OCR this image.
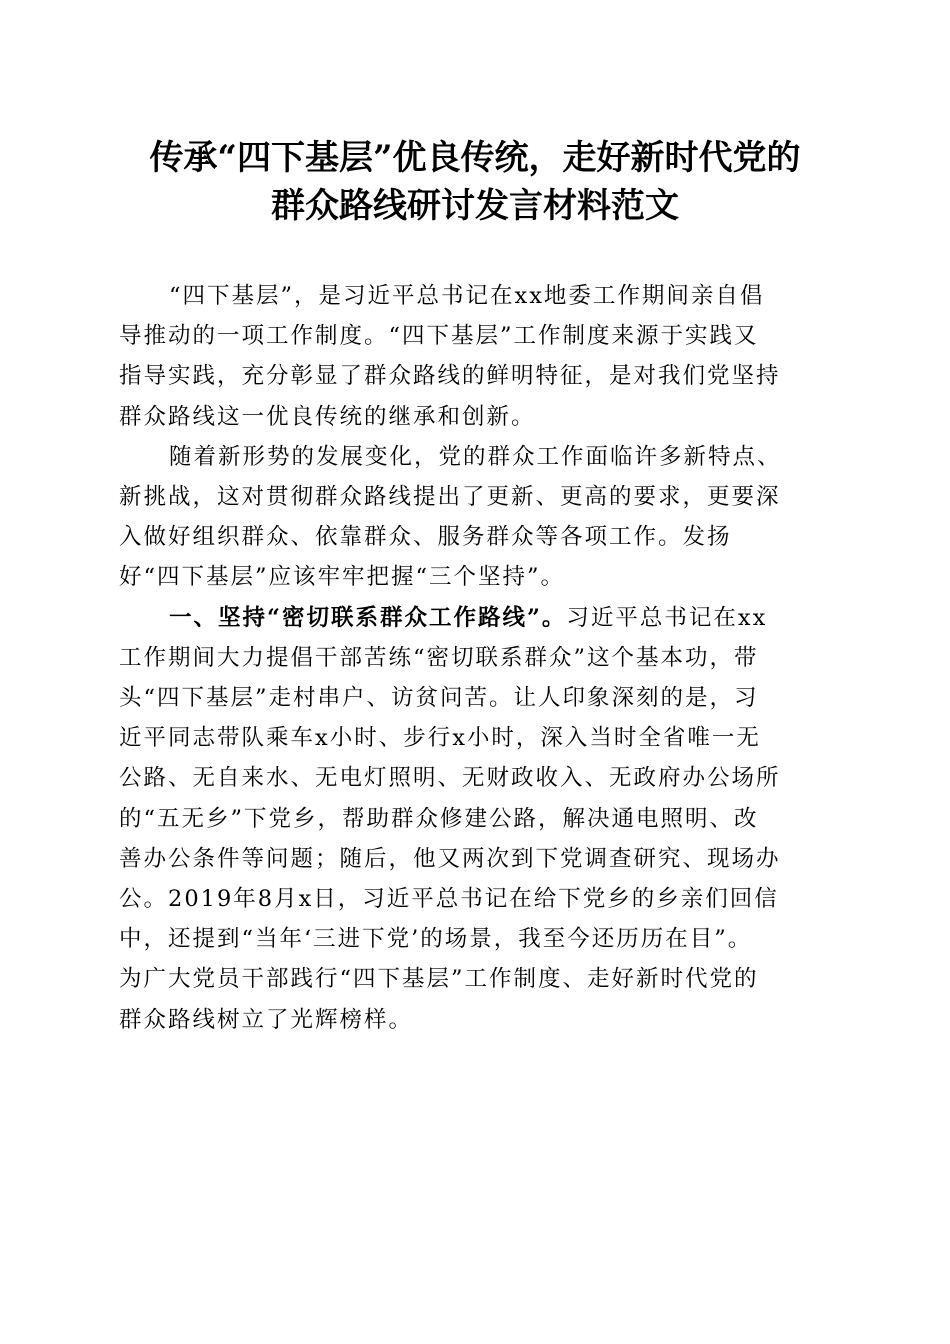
传承“四下基层”优良传统，走好新时代党的
群众路线研讨发言材料范文

“四下基层”，是习近平总书记在xx地委工作期间亲自倡
导推动的一项工作制度。“四下基层”工作制度来源于实践又
指导实践，充分彰显了群众路线的鲜明特征，是对我们党坚持
群众路线这一优良传统的继承和创新。

随着新形势的发展变化，党的群众工作面临许多新特点、
新挑战，这对贯彻群众路线提出了更新、更高的要求，更要深
入做好组织群众、依靠群众、服务群众等各项工作。发扬
好“四下基层”应该牢牢把握“三个坚持”。

一、坚持“密切联系群众工作路线”。习近平总书记在xx
工作期间大力提倡干部苦练“密切联系群众”这个基本功，带
头“四下基层”走村串户、访贫问苦。让人印象深刻的是，习
近平同志带队乘车x小时、步行x小时，深入当时全省唯一无
公路、无自来水、无电灯照明、无财政收入、无政府办公场所
的“五无乡”下党乡，帮助群众修建公路，解决通电照明、改
善办公条件等问题；随后，他又两次到下党调查研究、现场办
公。2019年8月x日，习近平总书记在给下党乡的乡亲们回信
中，还提到“当年‘三进下党’的场景，我至今还历历在目”。
为广大党员干部践行“四下基层”工作制度、走好新时代党的
群众路线树立了光辉榜样。
